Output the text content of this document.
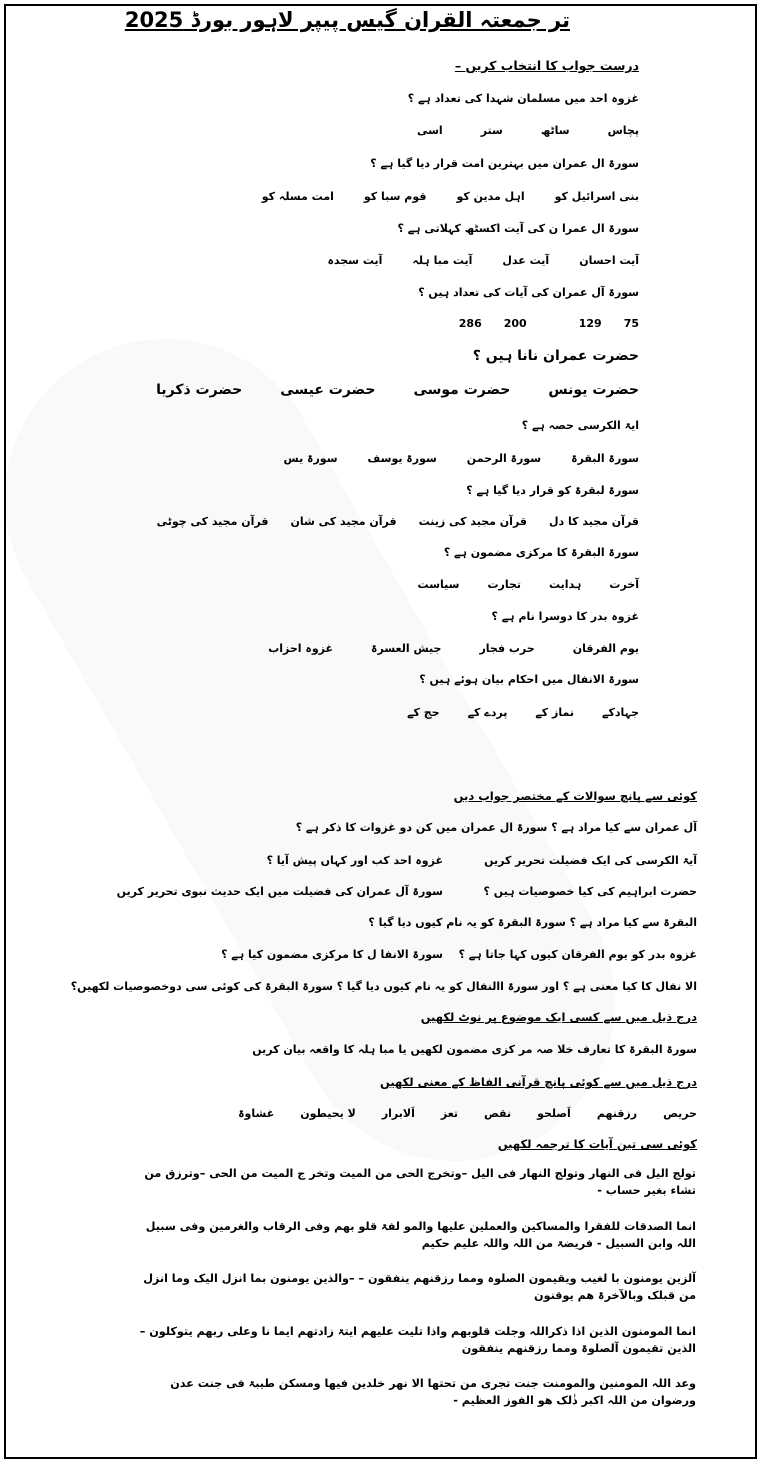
تر جمعتہ القران گیس پیپر لاہور بورڈ 2025
درست جواب کا انتخاب کریں –
غزوہ احد میں مسلمان شہدا کی تعداد ہے ؟
پچاس
ساٹھ
ستر
اسی
سورۃ ال عمران میں بہترین امت قرار دیا گیا ہے ؟
بنی اسرائیل کو
اہل مدین کو
قوم سبا کو
امت مسلہ کو
سورۃ ال عمرا ن کی آیت اکسٹھ کہلاتی ہے ؟
آیت احسان
آیت عدل
آیت مبا ہلہ
آیت سجدہ
سورۃ آل عمران کی آیات کی تعداد ہیں ؟
75
129
200
286
حضرت عمران نانا ہیں ؟
حضرت یونس
حضرت موسی
حضرت عیسی
حضرت ذکریا
ایۃ الکرسی حصہ ہے ؟
سورۃ البقرۃ
سورۃ الرحمن
سورۃ یوسف
سورۃ یس
سورۃ لبقرۃ کو قرار دیا گیا ہے ؟
قرآن مجید کا دل
قرآن مجید کی زینت
قرآن مجید کی شان
قرآن مجید کی چوٹی
سورۃ البقرۃ کا مرکزی مضمون ہے ؟
آخرت
ہدایت
تجارت
سیاست
غزوہ بدر کا دوسرا نام ہے ؟
یوم الفرقان
حرب فجار
جیش العسرۃ
غزوہ احزاب
سورۃ الانفال میں احکام بیان ہوئے ہیں ؟
جہادکے
نماز کے
پردے کے
حج کے
کوئی سے پانچ سوالات کے مختصر جواب دیں
آل عمران سے کیا مراد ہے ؟ سورۃ ال عمران میں کن دو غزوات کا ذکر ہے ؟
آیۃ الکرسی کی ایک فضیلت تحریر کریں
غزوہ احد کب اور کہاں پیش آیا ؟
حضرت ابراہیم کی کیا خصوصیات ہیں ؟
سورۃ آل عمران کی فضیلت میں ایک حدیث نبوی تحریر کریں
البقرۃ سے کیا مراد ہے ؟ سورۃ البقرۃ کو یہ نام کیوں دیا گیا ؟
غزوہ بدر کو یوم الفرقان کیوں کہا جاتا ہے ؟
سورۃ الانفا ل کا مرکزی مضمون کیا ہے ؟
الا نفال کا کیا معنی ہے ؟ اور سورۃ االنفال کو یہ نام کیوں دیا گیا ؟ سورۃ البقرۃ کی کوئی سی دوخصوصیات لکھیں؟
درج ذیل میں سے کسی ایک موضوع پر نوٹ لکھیں
سورۃ البقرۃ کا تعارف خلا صہ مر کزی مضمون لکھیں یا مبا ہلہ کا واقعہ بیان کریں
درج ذیل میں سے کوئی پانچ قرآنی الفاظ کے معنی لکھیں
حریص
رزقنھم
اَصلحو
نقص
تعز
اَلابرار
لا یحیطون
غشاوۃ
کوئی سی تین آیات کا ترجمہ لکھیں
تولج الیل فی النھار وتولج النھار فی الیل –وتخرج الحی من المیت وتخر ج المیت من الحی –وترزق من تشاء بغیر حساب -
انما الصدقات للفقرا والمساکین والعملین علیھا والمو لفۃ قلو بھم وفی الرقاب والغرمین وفی سبیل اللہ وابن السبیل - فریضۃ من اللہ واللہ علیم حکیم
آلزین یومنون با لغیب ویقیمون الصلوہ ومما رزقنھم ینفقون – –والذین یومنون بما انزل الیک وما انزل من قبلک وبالآخرۃ ھم یوقنون
انما المومنون الذین اذا ذکراللہ وجلت قلوبھم واذا تلیت علیھم ایتۃ زادتھم ایما نا وعلی ربھم یتوکلون –الذین تقیمون آلصلوۃ ومما رزقنھم ینفقون
وعد اللہ المومنین والمومنت جنت تجری من تحتھا الا نھر خلدین فیھا ومسکن طیبۃ فی جنت عدن ورضوان من اللہ اکبر ذٰلک ھو الفوز العظیم -
